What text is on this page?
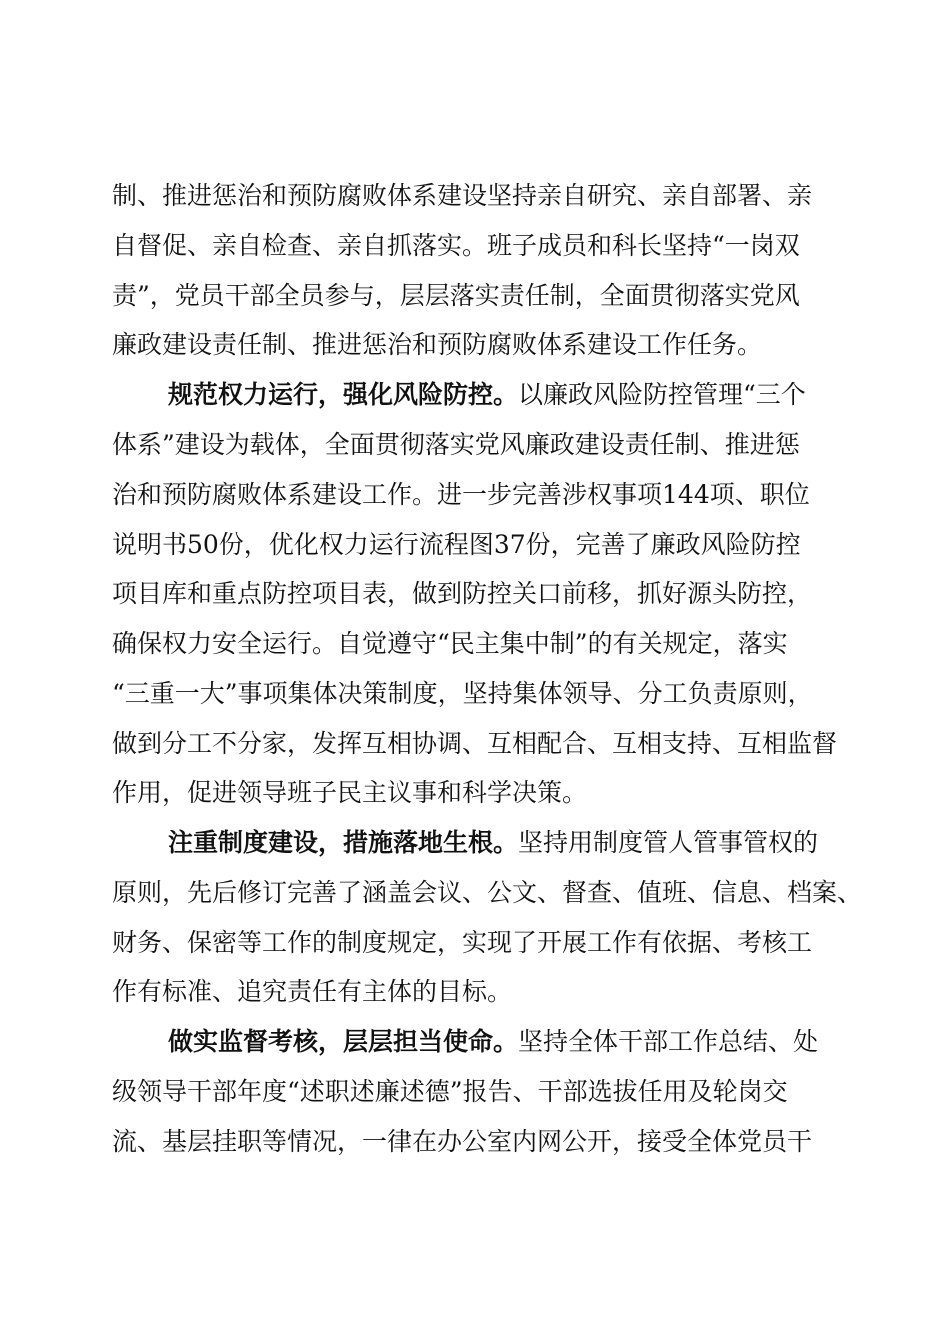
制、推进惩治和预防腐败体系建设坚持亲自研究、亲自部署、亲
自督促、亲自检查、亲自抓落实。班子成员和科长坚持“一岗双
责”，党员干部全员参与，层层落实责任制，全面贯彻落实党风
廉政建设责任制、推进惩治和预防腐败体系建设工作任务。
规范权力运行，强化风险防控。以廉政风险防控管理“三个
体系”建设为载体，全面贯彻落实党风廉政建设责任制、推进惩
治和预防腐败体系建设工作。进一步完善涉权事项144项、职位
说明书50份，优化权力运行流程图37份，完善了廉政风险防控
项目库和重点防控项目表，做到防控关口前移，抓好源头防控，
确保权力安全运行。自觉遵守“民主集中制”的有关规定，落实
“三重一大”事项集体决策制度，坚持集体领导、分工负责原则，
做到分工不分家，发挥互相协调、互相配合、互相支持、互相监督
作用，促进领导班子民主议事和科学决策。
注重制度建设，措施落地生根。坚持用制度管人管事管权的
原则，先后修订完善了涵盖会议、公文、督查、值班、信息、档案、
财务、保密等工作的制度规定，实现了开展工作有依据、考核工
作有标准、追究责任有主体的目标。
做实监督考核，层层担当使命。坚持全体干部工作总结、处
级领导干部年度“述职述廉述德”报告、干部选拔任用及轮岗交
流、基层挂职等情况，一律在办公室内网公开，接受全体党员干
